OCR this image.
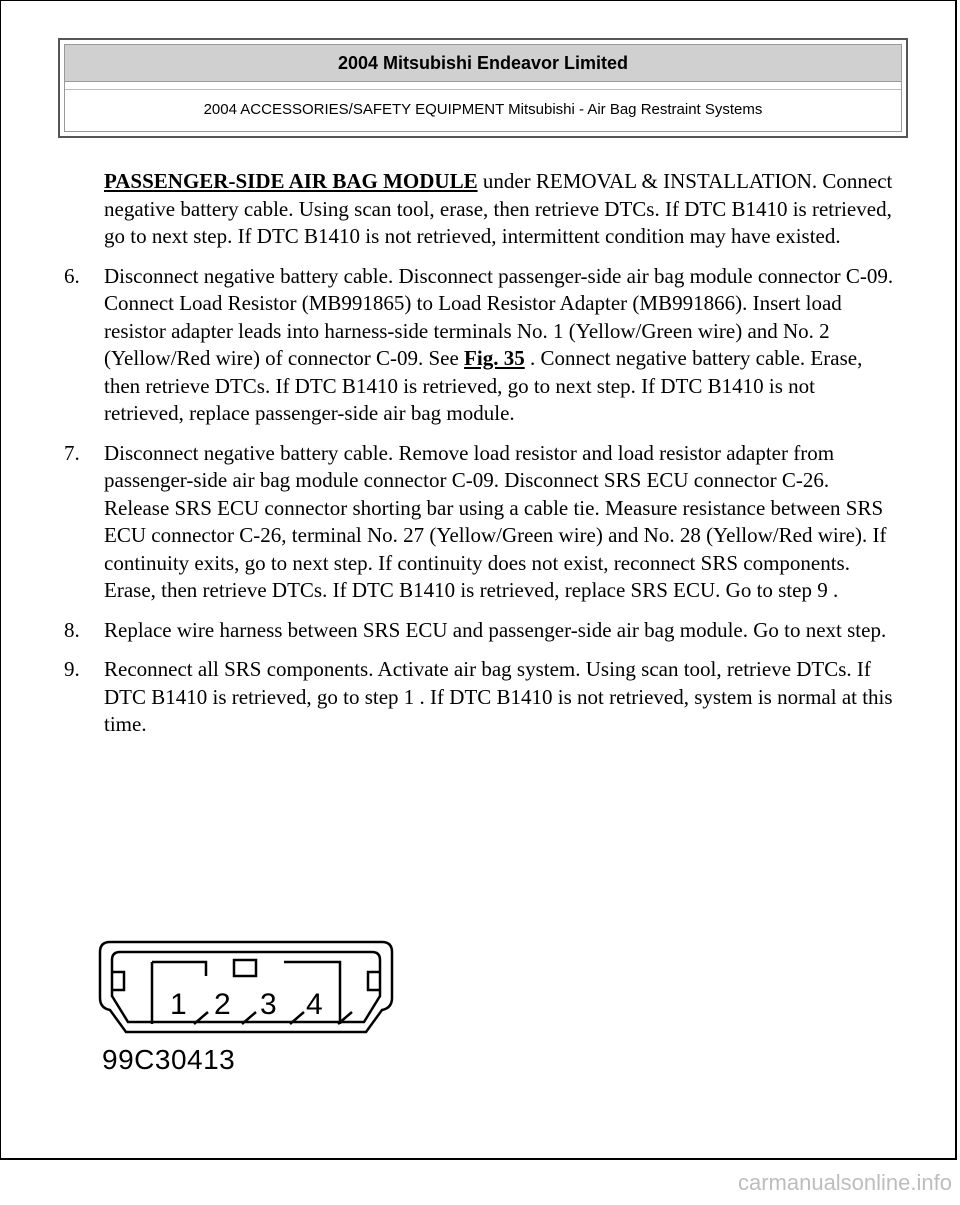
2004 Mitsubishi Endeavor Limited
2004 ACCESSORIES/SAFETY EQUIPMENT Mitsubishi - Air Bag Restraint Systems
PASSENGER-SIDE AIR BAG MODULE under REMOVAL & INSTALLATION. Connect negative battery cable. Using scan tool, erase, then retrieve DTCs. If DTC B1410 is retrieved, go to next step. If DTC B1410 is not retrieved, intermittent condition may have existed.
6.	Disconnect negative battery cable. Disconnect passenger-side air bag module connector C-09. Connect Load Resistor (MB991865) to Load Resistor Adapter (MB991866). Insert load resistor adapter leads into harness-side terminals No. 1 (Yellow/Green wire) and No. 2 (Yellow/Red wire) of connector C-09. See Fig. 35 . Connect negative battery cable. Erase, then retrieve DTCs. If DTC B1410 is retrieved, go to next step. If DTC B1410 is not retrieved, replace passenger-side air bag module.
7.	Disconnect negative battery cable. Remove load resistor and load resistor adapter from passenger-side air bag module connector C-09. Disconnect SRS ECU connector C-26. Release SRS ECU connector shorting bar using a cable tie. Measure resistance between SRS ECU connector C-26, terminal No. 27 (Yellow/Green wire) and No. 28 (Yellow/Red wire). If continuity exits, go to next step. If continuity does not exist, reconnect SRS components. Erase, then retrieve DTCs. If DTC B1410 is retrieved, replace SRS ECU. Go to step 9 .
8.	Replace wire harness between SRS ECU and passenger-side air bag module. Go to next step.
9.	Reconnect all SRS components. Activate air bag system. Using scan tool, retrieve DTCs. If DTC B1410 is retrieved, go to step 1 . If DTC B1410 is not retrieved, system is normal at this time.
1 2 3 4
99C30413
carmanualsonline.info
